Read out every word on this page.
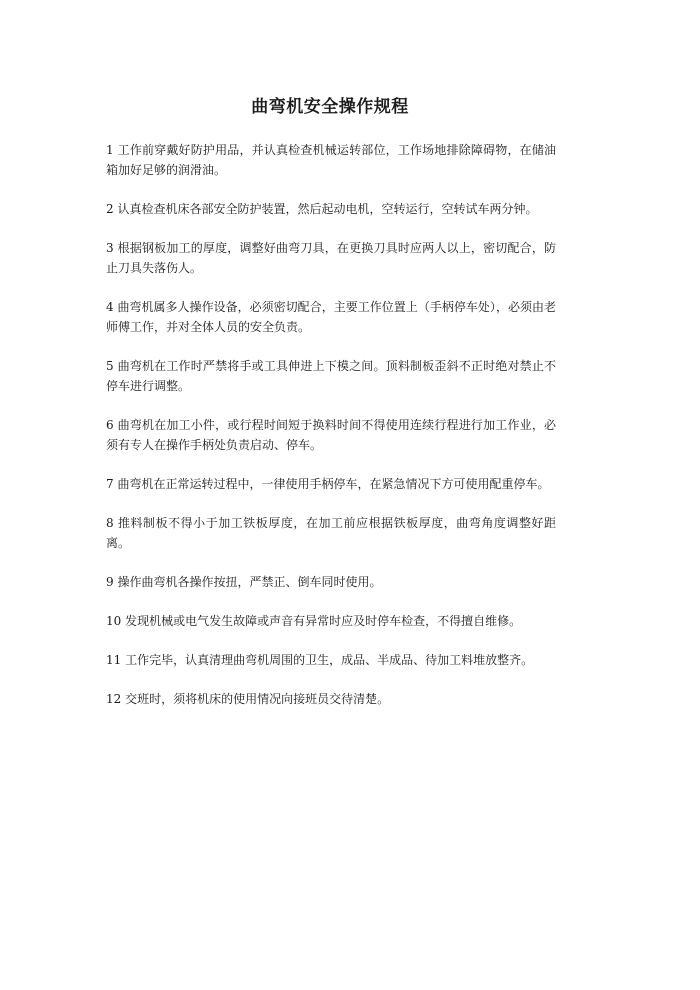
曲弯机安全操作规程
1 工作前穿戴好防护用品，并认真检查机械运转部位，工作场地排除障碍物，在储油箱加好足够的润滑油。
2 认真检查机床各部安全防护装置，然后起动电机，空转运行，空转试车两分钟。
3 根据钢板加工的厚度，调整好曲弯刀具，在更换刀具时应两人以上，密切配合，防止刀具失落伤人。
4 曲弯机属多人操作设备，必须密切配合，主要工作位置上（手柄停车处），必须由老师傅工作，并对全体人员的安全负责。
5 曲弯机在工作时严禁将手或工具伸进上下模之间。顶料制板歪斜不正时绝对禁止不停车进行调整。
6 曲弯机在加工小件，或行程时间短于换料时间不得使用连续行程进行加工作业，必须有专人在操作手柄处负责启动、停车。
7 曲弯机在正常运转过程中，一律使用手柄停车，在紧急情况下方可使用配重停车。
8 推料制板不得小于加工铁板厚度，在加工前应根据铁板厚度，曲弯角度调整好距离。
9 操作曲弯机各操作按扭，严禁正、倒车同时使用。
10 发现机械或电气发生故障或声音有异常时应及时停车检查，不得擅自维修。
11 工作完毕，认真清理曲弯机周围的卫生，成品、半成品、待加工料堆放整齐。
12 交班时，须将机床的使用情况向接班员交待清楚。
